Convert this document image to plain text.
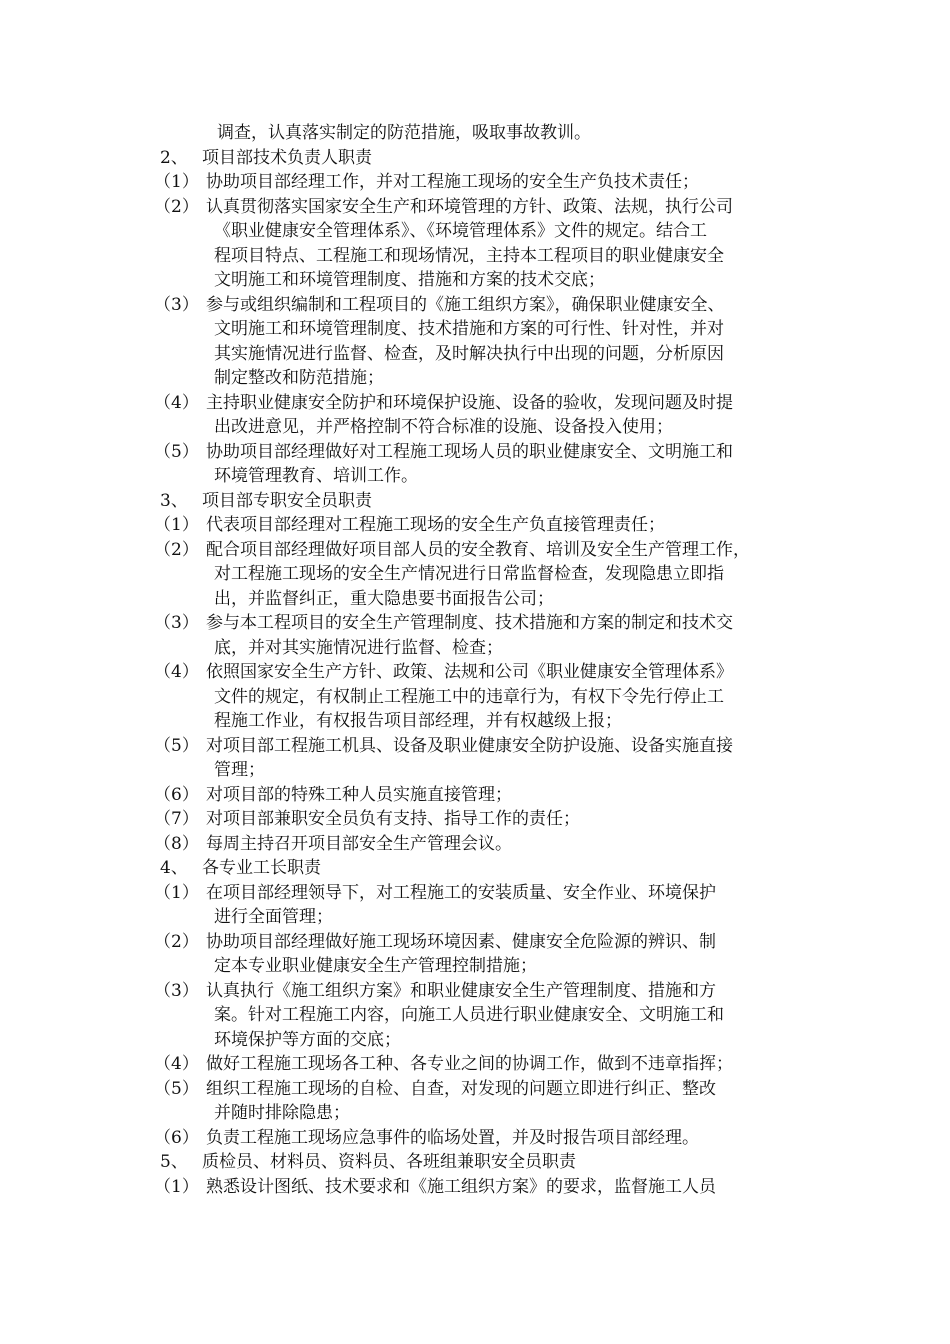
调查，认真落实制定的防范措施，吸取事故教训。
2、 项目部技术负责人职责
（1） 协助项目部经理工作，并对工程施工现场的安全生产负技术责任；
（2） 认真贯彻落实国家安全生产和环境管理的方针、政策、法规，执行公司
《职业健康安全管理体系》、《环境管理体系》文件的规定。结合工
程项目特点、工程施工和现场情况，主持本工程项目的职业健康安全
文明施工和环境管理制度、措施和方案的技术交底；
（3） 参与或组织编制和工程项目的《施工组织方案》，确保职业健康安全、
文明施工和环境管理制度、技术措施和方案的可行性、针对性，并对
其实施情况进行监督、检查，及时解决执行中出现的问题，分析原因
制定整改和防范措施；
（4） 主持职业健康安全防护和环境保护设施、设备的验收，发现问题及时提
出改进意见，并严格控制不符合标准的设施、设备投入使用；
（5） 协助项目部经理做好对工程施工现场人员的职业健康安全、文明施工和
环境管理教育、培训工作。
3、 项目部专职安全员职责
（1） 代表项目部经理对工程施工现场的安全生产负直接管理责任；
（2） 配合项目部经理做好项目部人员的安全教育、培训及安全生产管理工作，
对工程施工现场的安全生产情况进行日常监督检查，发现隐患立即指
出，并监督纠正，重大隐患要书面报告公司；
（3） 参与本工程项目的安全生产管理制度、技术措施和方案的制定和技术交
底，并对其实施情况进行监督、检查；
（4） 依照国家安全生产方针、政策、法规和公司《职业健康安全管理体系》
文件的规定，有权制止工程施工中的违章行为，有权下令先行停止工
程施工作业，有权报告项目部经理，并有权越级上报；
（5） 对项目部工程施工机具、设备及职业健康安全防护设施、设备实施直接
管理；
（6） 对项目部的特殊工种人员实施直接管理；
（7） 对项目部兼职安全员负有支持、指导工作的责任；
（8） 每周主持召开项目部安全生产管理会议。
4、 各专业工长职责
（1） 在项目部经理领导下，对工程施工的安装质量、安全作业、环境保护
进行全面管理；
（2） 协助项目部经理做好施工现场环境因素、健康安全危险源的辨识、制
定本专业职业健康安全生产管理控制措施；
（3） 认真执行《施工组织方案》和职业健康安全生产管理制度、措施和方
案。针对工程施工内容，向施工人员进行职业健康安全、文明施工和
环境保护等方面的交底；
（4） 做好工程施工现场各工种、各专业之间的协调工作，做到不违章指挥；
（5） 组织工程施工现场的自检、自查，对发现的问题立即进行纠正、整改
并随时排除隐患；
（6） 负责工程施工现场应急事件的临场处置，并及时报告项目部经理。
5、 质检员、材料员、资料员、各班组兼职安全员职责
（1） 熟悉设计图纸、技术要求和《施工组织方案》的要求，监督施工人员
